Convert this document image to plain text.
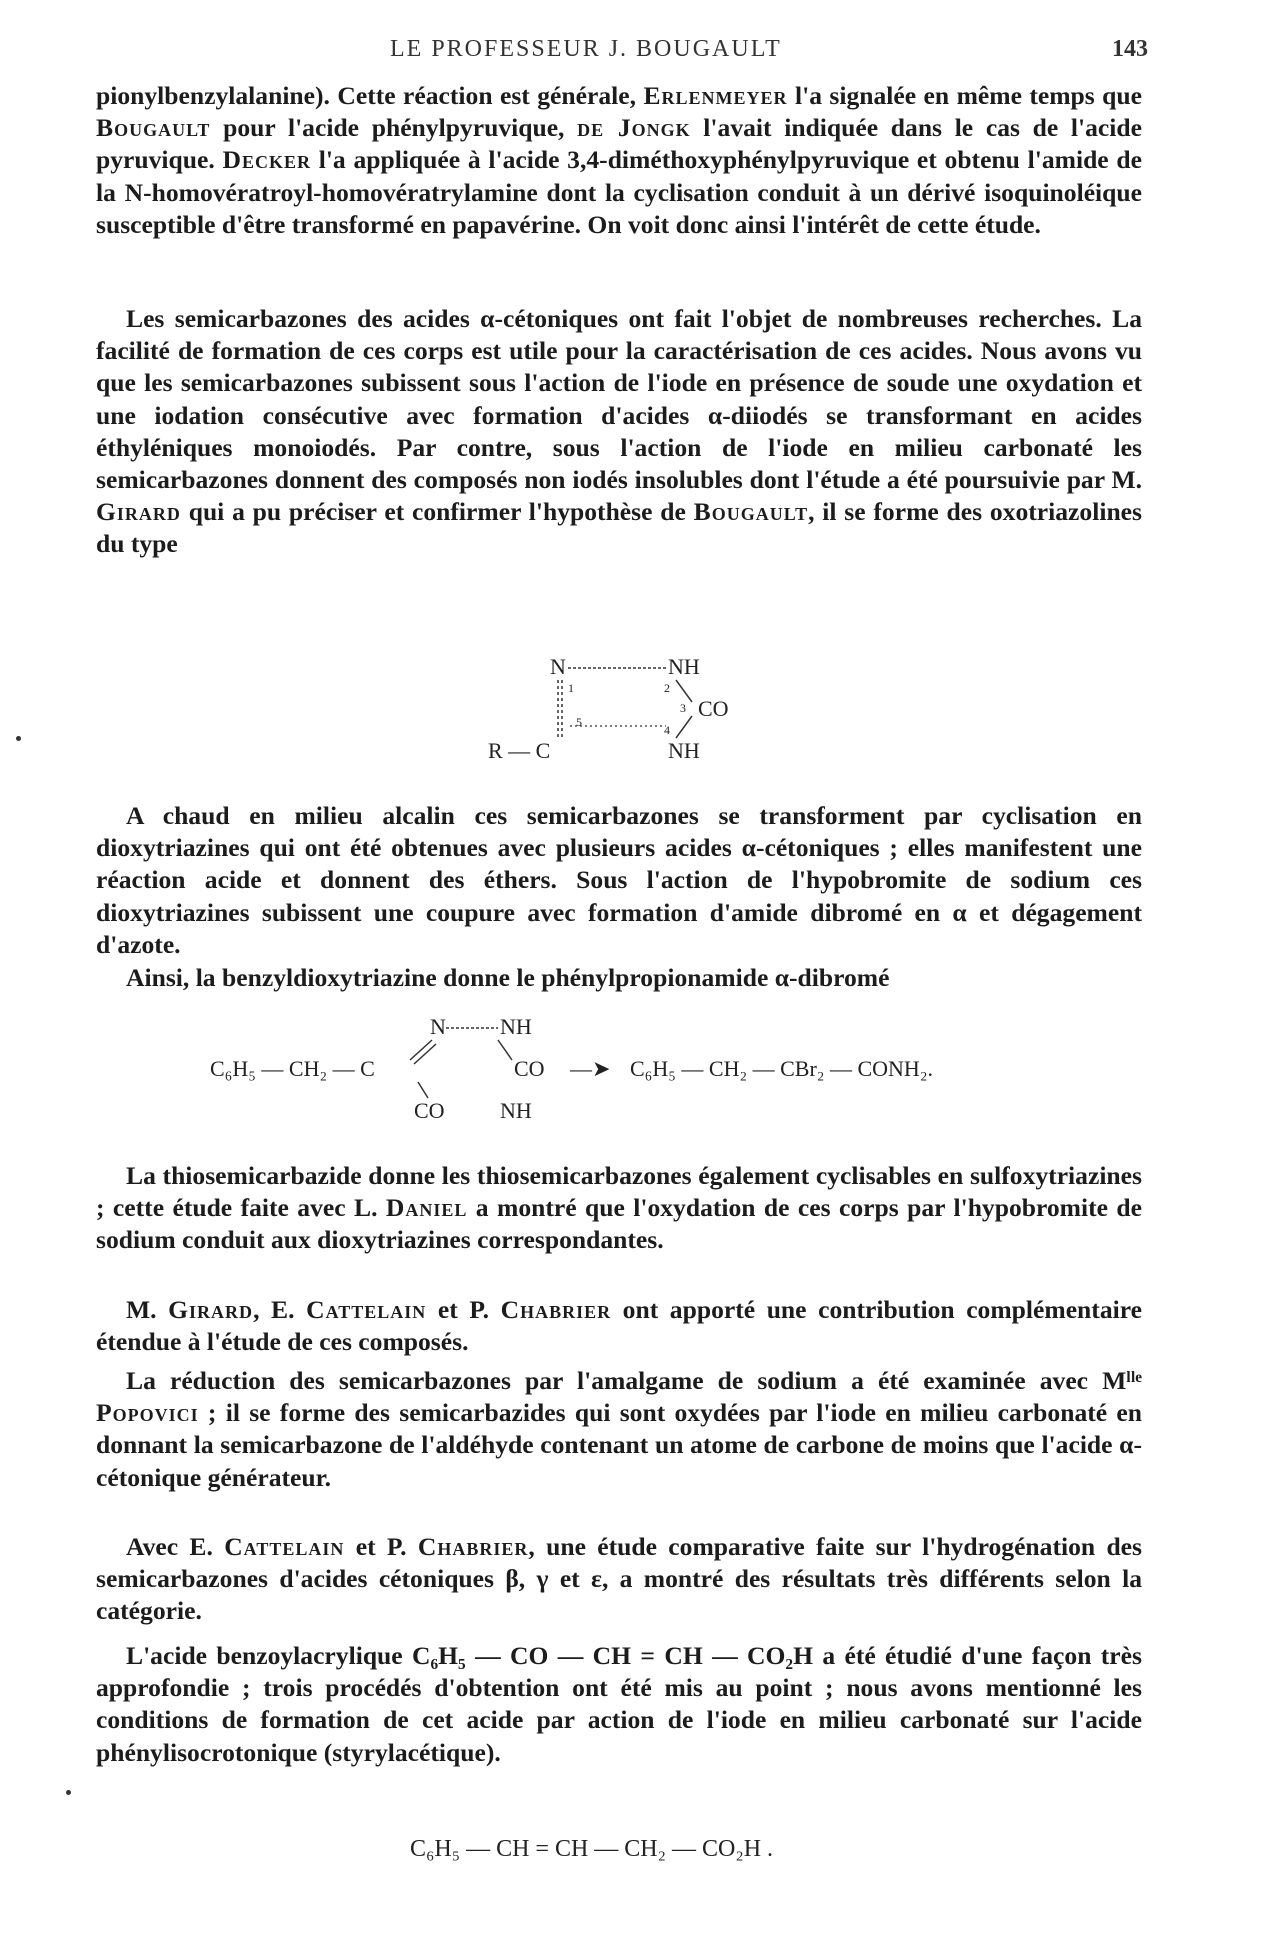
LE PROFESSEUR J. BOUGAULT	143

pionylbenzylalanine). Cette réaction est générale, Erlenmeyer l'a signalée en même temps que Bougault pour l'acide phénylpyruvique, de Jongk l'avait indiquée dans le cas de l'acide pyruvique. Decker l'a appliquée à l'acide 3,4-diméthoxyphénylpyruvique et obtenu l'amide de la N-homovératroyl-homovératrylamine dont la cyclisation conduit à un dérivé isoquinoléique susceptible d'être transformé en papavérine. On voit donc ainsi l'intérêt de cette étude.

Les semicarbazones des acides α-cétoniques ont fait l'objet de nombreuses recherches. La facilité de formation de ces corps est utile pour la caractérisation de ces acides. Nous avons vu que les semicarbazones subissent sous l'action de l'iode en présence de soude une oxydation et une iodation consécutive avec formation d'acides α-diiodés se transformant en acides éthyléniques monoiodés. Par contre, sous l'action de l'iode en milieu carbonaté les semicarbazones donnent des composés non iodés insolubles dont l'étude a été poursuivie par M. Girard qui a pu préciser et confirmer l'hypothèse de Bougault, il se forme des oxotriazolines du type

N	NH
CO
NH
R — C
1	2
3
4
5

A chaud en milieu alcalin ces semicarbazones se transforment par cyclisation en dioxytriazines qui ont été obtenues avec plusieurs acides α-cétoniques ; elles manifestent une réaction acide et donnent des éthers. Sous l'action de l'hypobromite de sodium ces dioxytriazines subissent une coupure avec formation d'amide dibromé en α et dégagement d'azote.

Ainsi, la benzyldioxytriazine donne le phénylpropionamide α-dibromé

C₆H₅ — CH₂ — C
N NH
CO
CO	NH
—➤ C₆H₅ — CH₂ — CBr₂ — CONH₂.

La thiosemicarbazide donne les thiosemicarbazones également cyclisables en sulfoxytriazines ; cette étude faite avec L. Daniel a montré que l'oxydation de ces corps par l'hypobromite de sodium conduit aux dioxytriazines correspondantes.

M. Girard, E. Cattelain et P. Chabrier ont apporté une contribution complémentaire étendue à l'étude de ces composés.

La réduction des semicarbazones par l'amalgame de sodium a été examinée avec Mˡˡᵉ Popovici ; il se forme des semicarbazides qui sont oxydées par l'iode en milieu carbonaté en donnant la semicarbazone de l'aldéhyde contenant un atome de carbone de moins que l'acide α-cétonique générateur.

Avec E. Cattelain et P. Chabrier, une étude comparative faite sur l'hydrogénation des semicarbazones d'acides cétoniques β, γ et ε, a montré des résultats très différents selon la catégorie.

L'acide benzoylacrylique C₆H₅ — CO — CH = CH — CO₂H a été étudié d'une façon très approfondie ; trois procédés d'obtention ont été mis au point ; nous avons mentionné les conditions de formation de cet acide par action de l'iode en milieu carbonaté sur l'acide phénylisocrotonique (styrylacétique).

C₆H₅ — CH = CH — CH₂ — CO₂H .
